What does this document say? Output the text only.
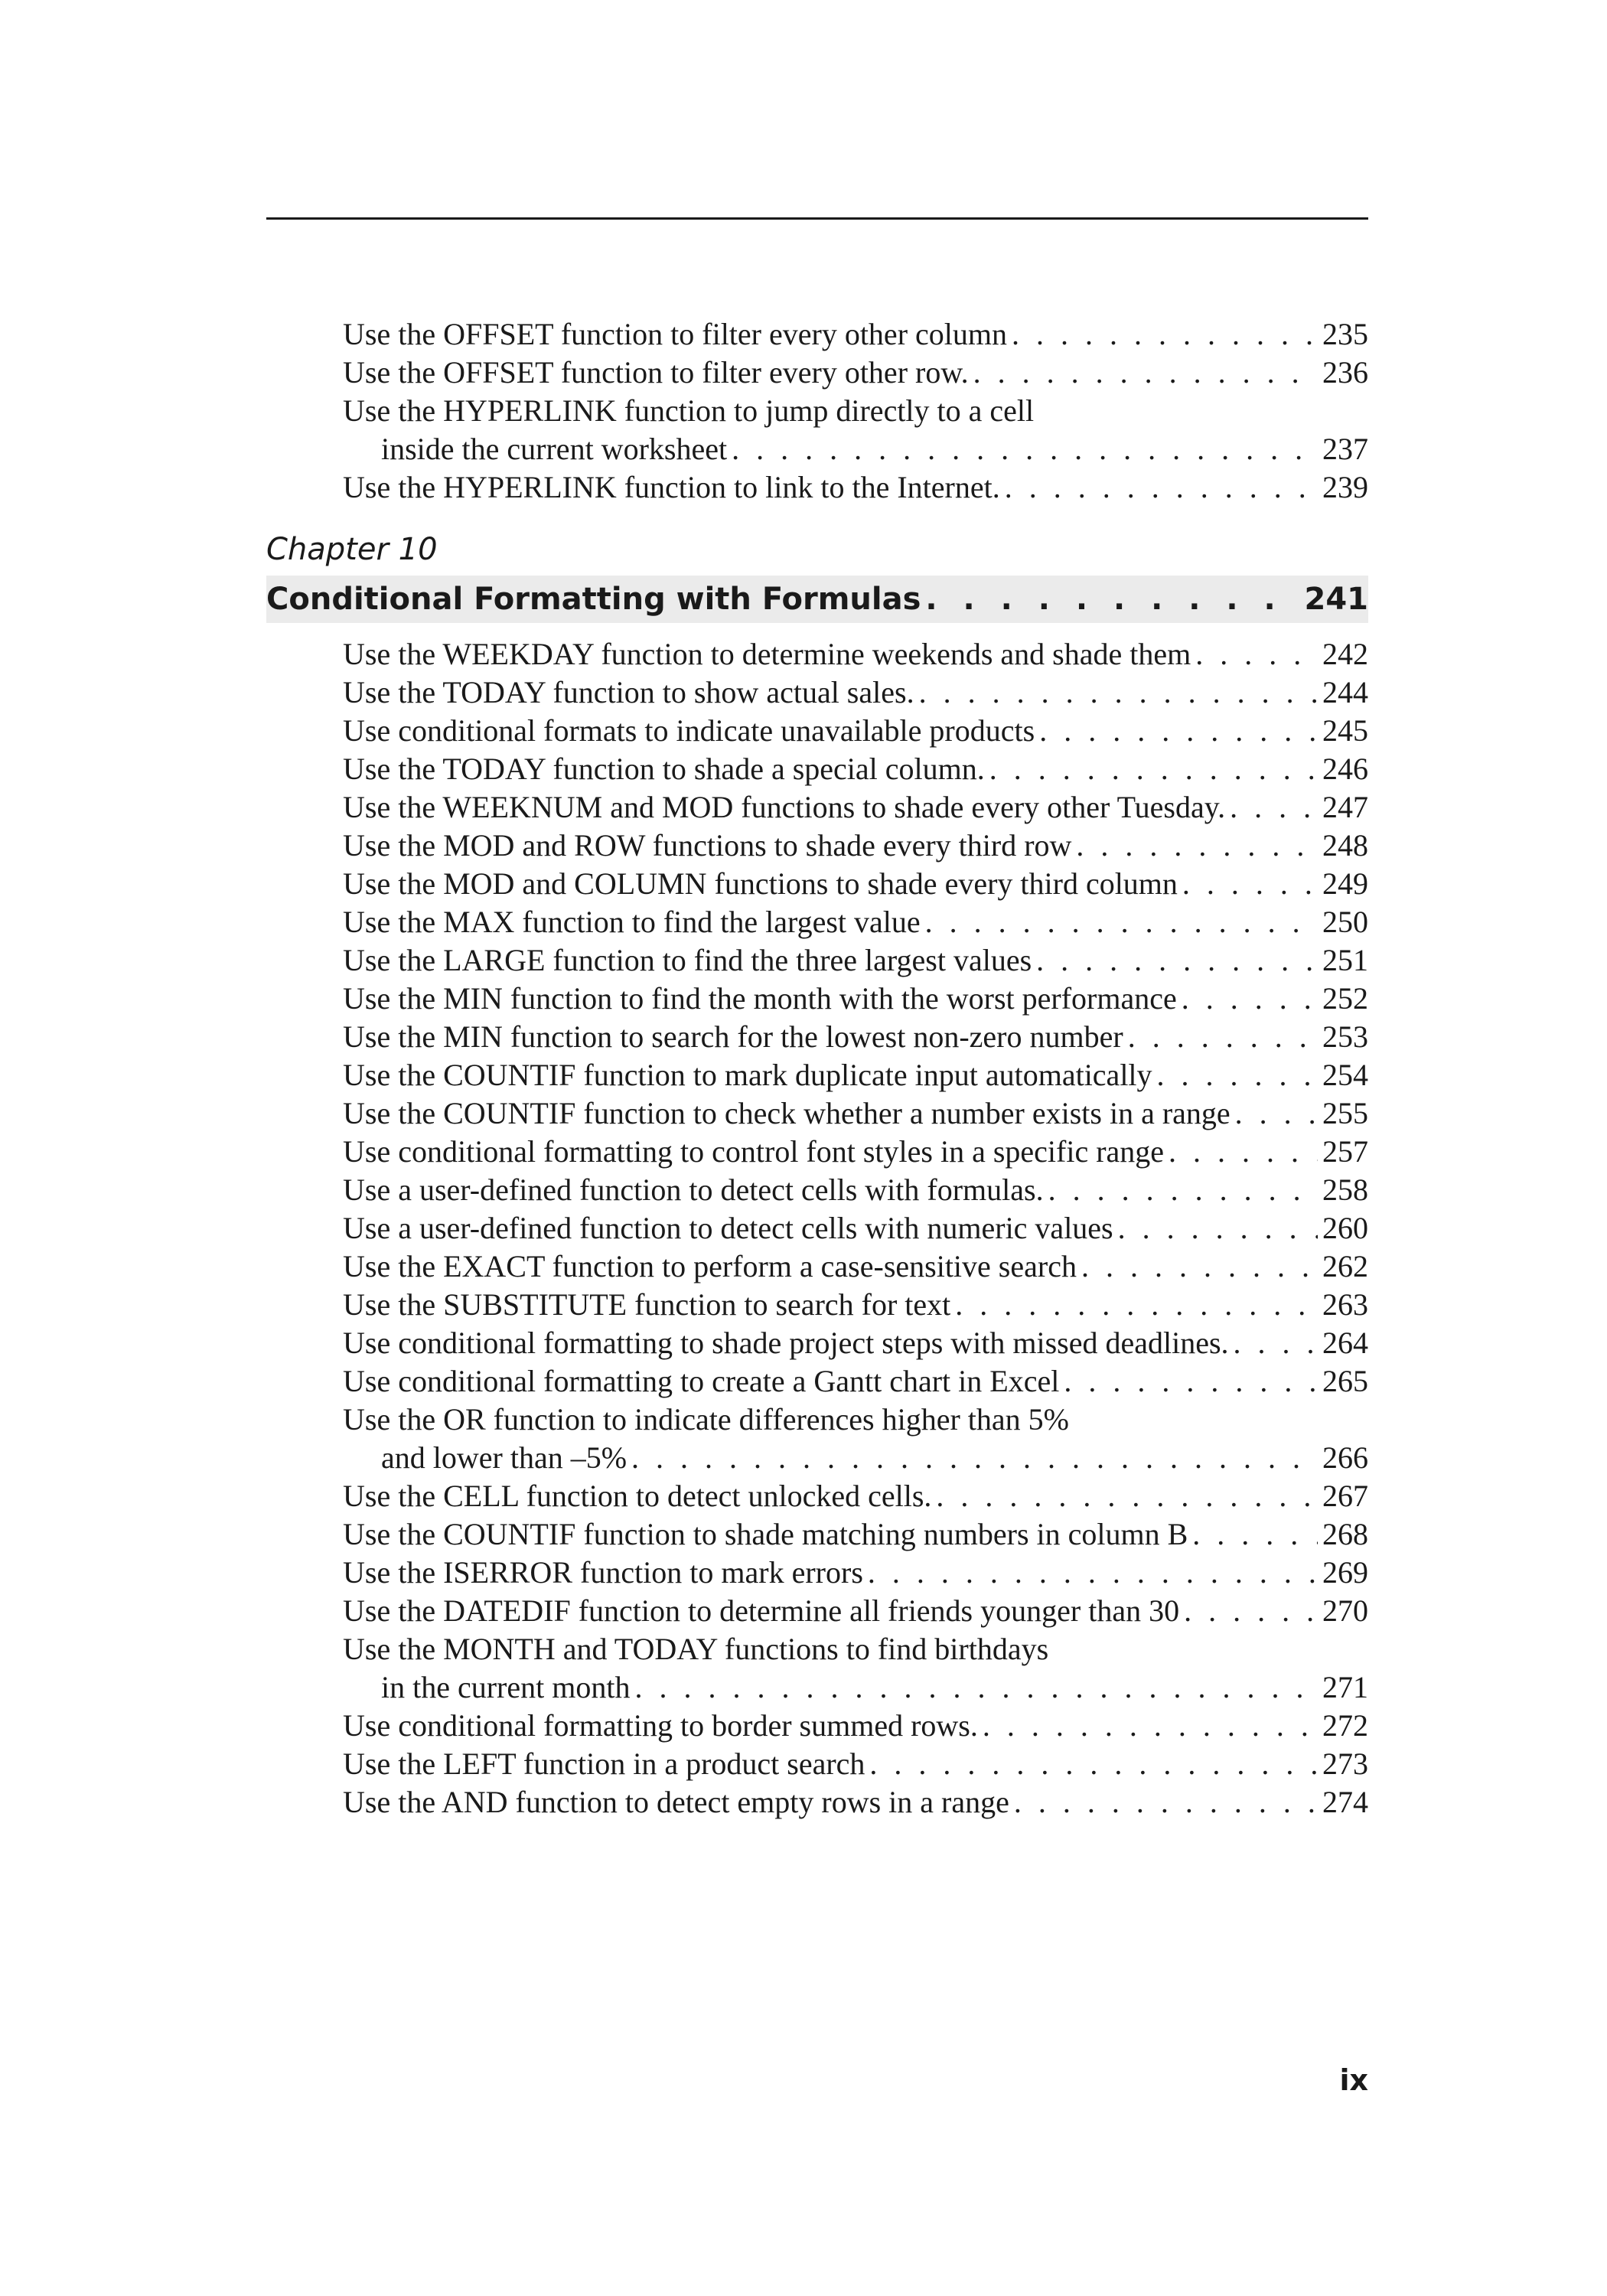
Use the OFFSET function to filter every other column . . .	235
Use the OFFSET function to filter every other row. . . .	236
Use the HYPERLINK function to jump directly to a cell
inside the current worksheet . . .	237
Use the HYPERLINK function to link to the Internet. . . .	239
Chapter 10
Conditional Formatting with Formulas . . .	241
Use the WEEKDAY function to determine weekends and shade them . . .	242
Use the TODAY function to show actual sales. . . .	244
Use conditional formats to indicate unavailable products . . .	245
Use the TODAY function to shade a special column. . . .	246
Use the WEEKNUM and MOD functions to shade every other Tuesday. . . .	247
Use the MOD and ROW functions to shade every third row . . .	248
Use the MOD and COLUMN functions to shade every third column . . .	249
Use the MAX function to find the largest value . . .	250
Use the LARGE function to find the three largest values . . .	251
Use the MIN function to find the month with the worst performance . . .	252
Use the MIN function to search for the lowest non-zero number . . .	253
Use the COUNTIF function to mark duplicate input automatically . . .	254
Use the COUNTIF function to check whether a number exists in a range . . .	255
Use conditional formatting to control font styles in a specific range . . .	257
Use a user-defined function to detect cells with formulas. . . .	258
Use a user-defined function to detect cells with numeric values . . .	260
Use the EXACT function to perform a case-sensitive search . . .	262
Use the SUBSTITUTE function to search for text . . .	263
Use conditional formatting to shade project steps with missed deadlines. . . .	264
Use conditional formatting to create a Gantt chart in Excel . . .	265
Use the OR function to indicate differences higher than 5%
and lower than –5% . . .	266
Use the CELL function to detect unlocked cells. . . .	267
Use the COUNTIF function to shade matching numbers in column B . . .	268
Use the ISERROR function to mark errors . . .	269
Use the DATEDIF function to determine all friends younger than 30 . . .	270
Use the MONTH and TODAY functions to find birthdays
in the current month . . .	271
Use conditional formatting to border summed rows. . . .	272
Use the LEFT function in a product search . . .	273
Use the AND function to detect empty rows in a range . . .	274
ix
